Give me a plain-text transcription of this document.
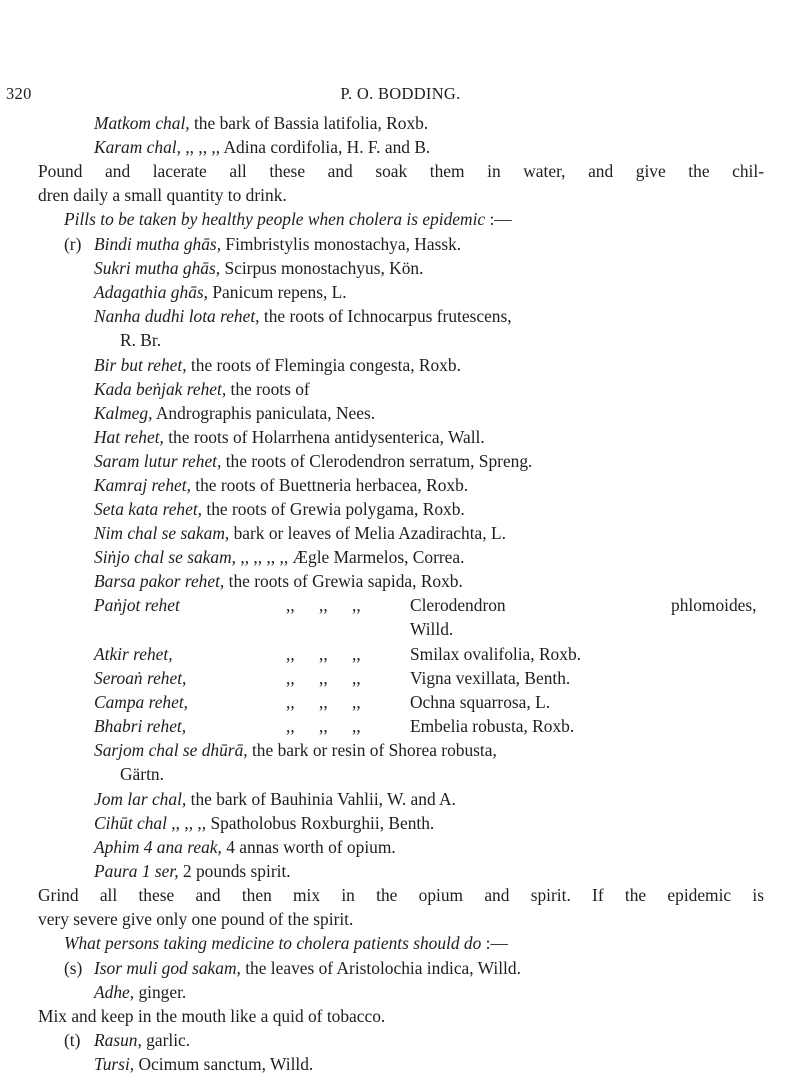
320	P. O. BODDING.
Matkom chal, the bark of Bassia latifolia, Roxb.
Karam chal, ,, ,, ,, Adina cordifolia, H. F. and B.
Pound and lacerate all these and soak them in water, and give the chil-
dren daily a small quantity to drink.
Pills to be taken by healthy people when cholera is epidemic :—
(r) Bindi mutha ghās, Fimbristylis monostachya, Hassk.
Sukri mutha ghās, Scirpus monostachyus, Kön.
Adagathia ghās, Panicum repens, L.
Nanha dudhi lota rehet, the roots of Ichnocarpus frutescens,
R. Br.
Bir but rehet, the roots of Flemingia congesta, Roxb.
Kada beṅjak rehet, the roots of
Kalmeg, Andrographis paniculata, Nees.
Hat rehet, the roots of Holarrhena antidysenterica, Wall.
Saram lutur rehet, the roots of Clerodendron serratum, Spreng.
Kamraj rehet, the roots of Buettneria herbacea, Roxb.
Seta kata rehet, the roots of Grewia polygama, Roxb.
Nim chal se sakam, bark or leaves of Melia Azadirachta, L.
Siṅjo chal se sakam, ,, ,, ,, ,, Ægle Marmelos, Correa.
Barsa pakor rehet, the roots of Grewia sapida, Roxb.
Paṅjot rehet	,, ,, ,,	Clerodendron	phlomoides,
Willd.
Atkir rehet,	,, ,, ,,	Smilax ovalifolia, Roxb.
Seroaṅ rehet,	,, ,, ,,	Vigna vexillata, Benth.
Campa rehet,	,, ,, ,,	Ochna squarrosa, L.
Bhabri rehet,	,, ,, ,,	Embelia robusta, Roxb.
Sarjom chal se dhūrā, the bark or resin of Shorea robusta,
Gärtn.
Jom lar chal, the bark of Bauhinia Vahlii, W. and A.
Cihūt chal ,, ,, ,, Spatholobus Roxburghii, Benth.
Aphim 4 ana reak, 4 annas worth of opium.
Paura 1 ser, 2 pounds spirit.
Grind all these and then mix in the opium and spirit. If the epidemic is
very severe give only one pound of the spirit.
What persons taking medicine to cholera patients should do :—
(s) Isor muli god sakam, the leaves of Aristolochia indica, Willd.
Adhe, ginger.
Mix and keep in the mouth like a quid of tobacco.
(t) Rasun, garlic.
Tursi, Ocimum sanctum, Willd.
